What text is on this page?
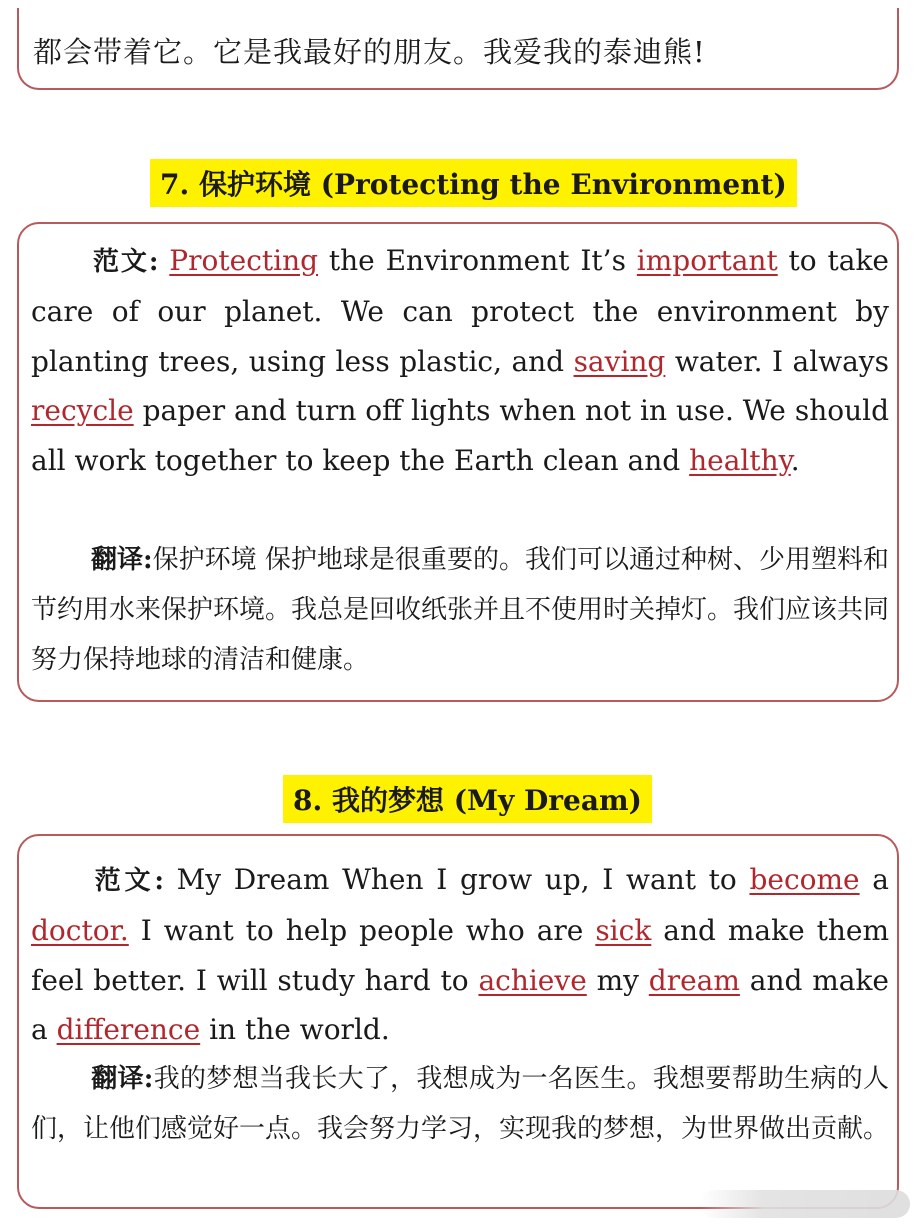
都会带着它。它是我最好的朋友。我爱我的泰迪熊!
7. 保护环境 (Protecting the Environment)
范文: Protecting the Environment It’s important to take care of our planet. We can protect the environment by planting trees, using less plastic, and saving water. I always recycle paper and turn off lights when not in use. We should all work together to keep the Earth clean and healthy.
翻译:保护环境 保护地球是很重要的。我们可以通过种树、少用塑料和节约用水来保护环境。我总是回收纸张并且不使用时关掉灯。我们应该共同努力保持地球的清洁和健康。
8. 我的梦想 (My Dream)
范文: My Dream When I grow up, I want to become a doctor. I want to help people who are sick and make them feel better. I will study hard to achieve my dream and make a difference in the world.
翻译:我的梦想当我长大了，我想成为一名医生。我想要帮助生病的人们，让他们感觉好一点。我会努力学习，实现我的梦想，为世界做出贡献。
